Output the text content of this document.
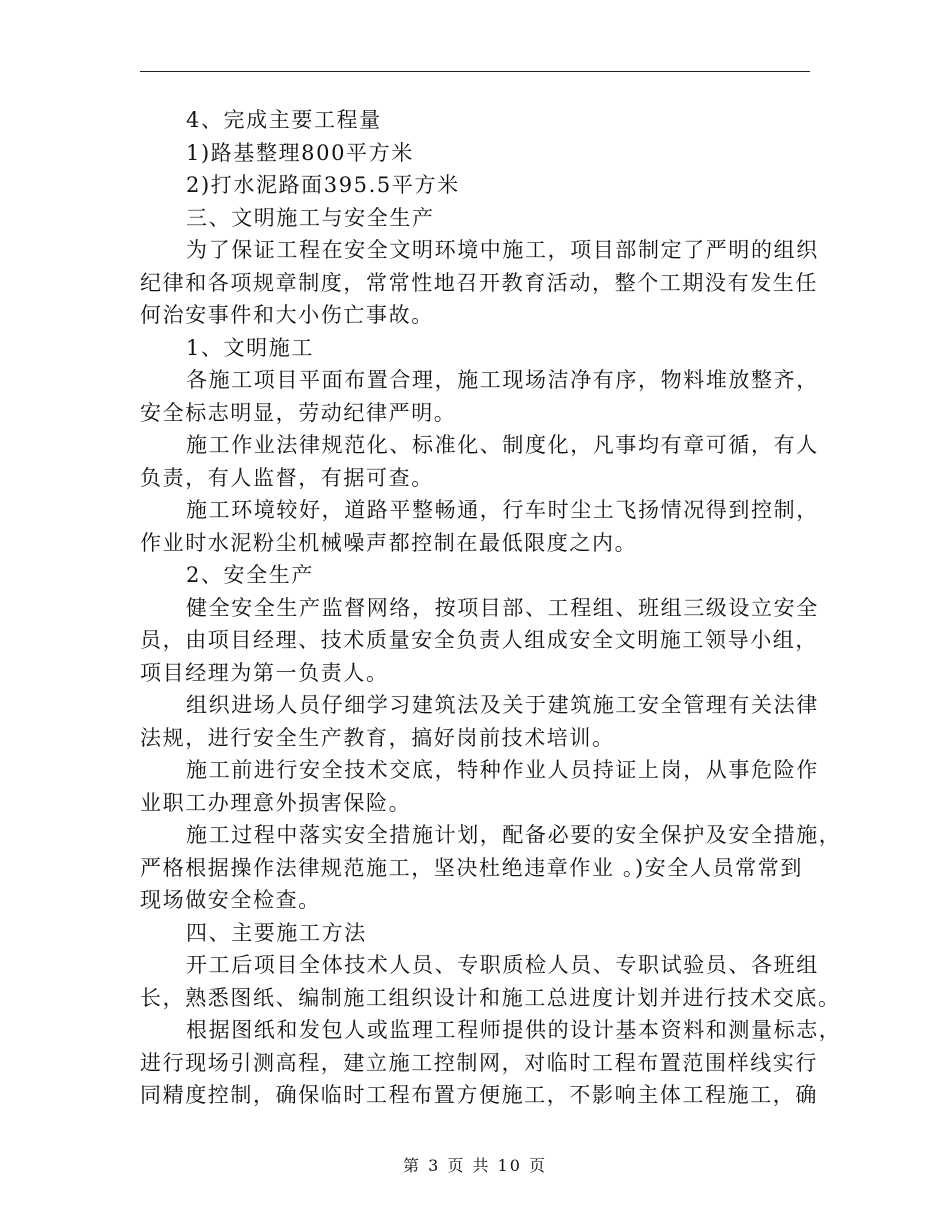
4、完成主要工程量

1)路基整理800平方米

2)打水泥路面395.5平方米

三、文明施工与安全生产

为了保证工程在安全文明环境中施工，项目部制定了严明的组织

纪律和各项规章制度，常常性地召开教育活动，整个工期没有发生任

何治安事件和大小伤亡事故。

1、文明施工

各施工项目平面布置合理，施工现场洁净有序，物料堆放整齐，

安全标志明显，劳动纪律严明。

施工作业法律规范化、标准化、制度化，凡事均有章可循，有人

负责，有人监督，有据可查。

施工环境较好，道路平整畅通，行车时尘土飞扬情况得到控制，

作业时水泥粉尘机械噪声都控制在最低限度之内。

2、安全生产

健全安全生产监督网络，按项目部、工程组、班组三级设立安全

员，由项目经理、技术质量安全负责人组成安全文明施工领导小组，

项目经理为第一负责人。

组织进场人员仔细学习建筑法及关于建筑施工安全管理有关法律

法规，进行安全生产教育，搞好岗前技术培训。

施工前进行安全技术交底，特种作业人员持证上岗，从事危险作

业职工办理意外损害保险。

施工过程中落实安全措施计划，配备必要的安全保护及安全措施，

严格根据操作法律规范施工，坚决杜绝违章作业 。)安全人员常常到

现场做安全检查。

四、主要施工方法

开工后项目全体技术人员、专职质检人员、专职试验员、各班组

长，熟悉图纸、编制施工组织设计和施工总进度计划并进行技术交底。

根据图纸和发包人或监理工程师提供的设计基本资料和测量标志，

进行现场引测高程，建立施工控制网，对临时工程布置范围样线实行

同精度控制，确保临时工程布置方便施工，不影响主体工程施工，确

第 3 页 共 10 页
